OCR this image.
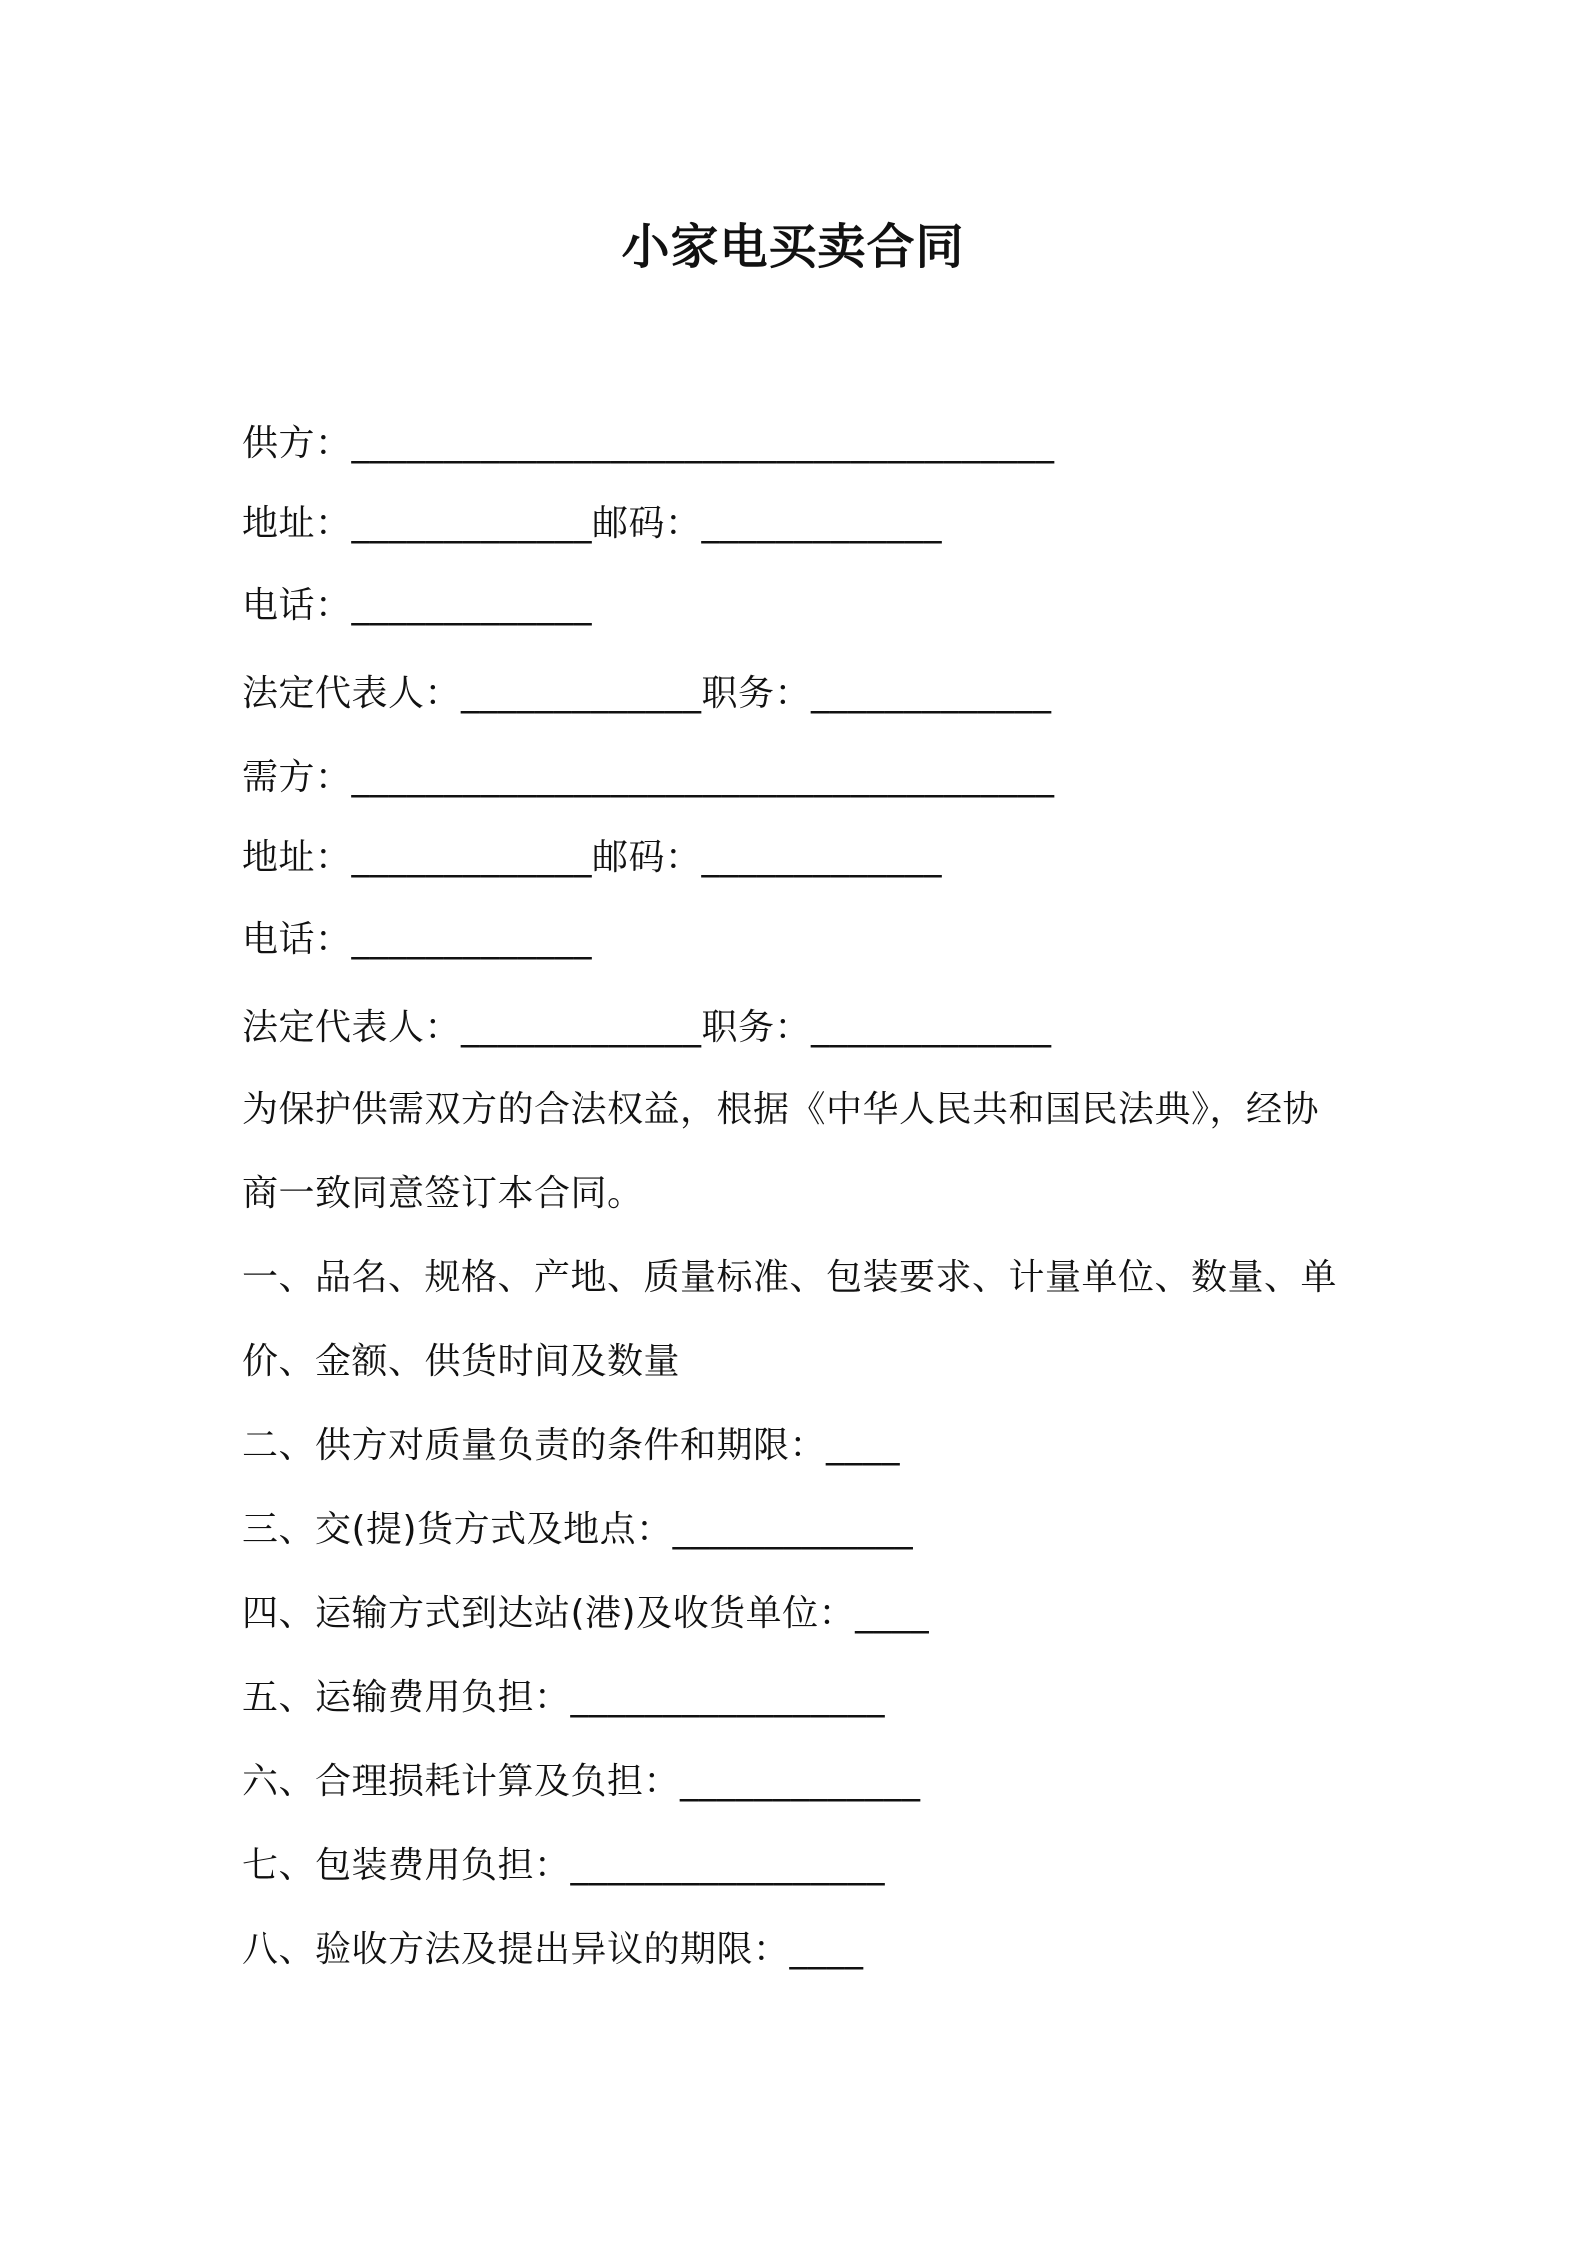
小家电买卖合同
供方：______________________________________
地址：_____________邮码：_____________
电话：_____________
法定代表人：_____________职务：_____________
需方：______________________________________
地址：_____________邮码：_____________
电话：_____________
法定代表人：_____________职务：_____________
为保护供需双方的合法权益，根据《中华人民共和国民法典》，经协
商一致同意签订本合同。
一、品名、规格、产地、质量标准、包装要求、计量单位、数量、单
价、金额、供货时间及数量
二、供方对质量负责的条件和期限：____
三、交(提)货方式及地点：_____________
四、运输方式到达站(港)及收货单位：____
五、运输费用负担：_________________
六、合理损耗计算及负担：_____________
七、包装费用负担：_________________
八、验收方法及提出异议的期限：____
